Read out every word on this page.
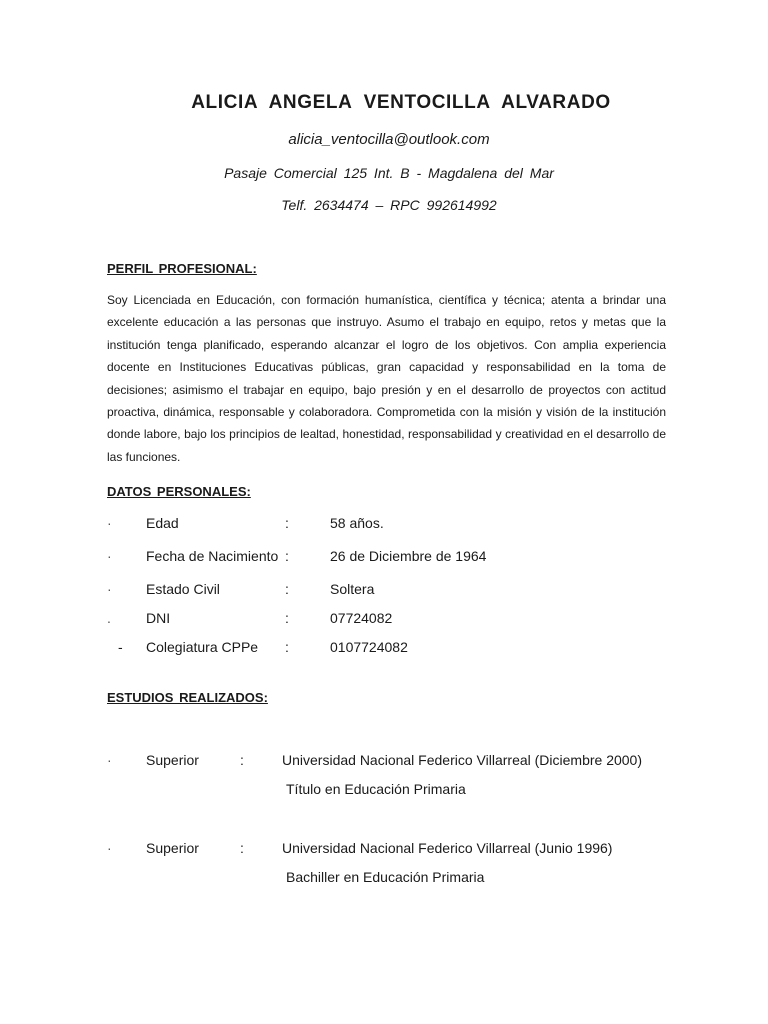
ALICIA ANGELA VENTOCILLA ALVARADO
alicia_ventocilla@outlook.com
Pasaje Comercial 125 Int. B - Magdalena del Mar
Telf. 2634474 – RPC 992614992
PERFIL PROFESIONAL:
Soy Licenciada en Educación, con formación humanística, científica y técnica; atenta a brindar una excelente educación a las personas que instruyo. Asumo el trabajo en equipo, retos y metas que la institución tenga planificado, esperando alcanzar el logro de los objetivos. Con amplia experiencia docente en Instituciones Educativas públicas, gran capacidad y responsabilidad en la toma de decisiones; asimismo el trabajar en equipo, bajo presión y en el desarrollo de proyectos con actitud proactiva, dinámica, responsable y colaboradora. Comprometida con la misión y visión de la institución donde labore, bajo los principios de lealtad, honestidad, responsabilidad y creatividad en el desarrollo de las funciones.
DATOS PERSONALES:
· Edad	:	58 años.
· Fecha de Nacimiento :	26 de Diciembre de 1964
· Estado Civil	:	Soltera
.	DNI	:	07724082
- Colegiatura CPPe :	0107724082
ESTUDIOS REALIZADOS:
· Superior	:	Universidad Nacional Federico Villarreal (Diciembre 2000)
Título en Educación Primaria
· Superior	:	Universidad Nacional Federico Villarreal (Junio 1996)
Bachiller en Educación Primaria
